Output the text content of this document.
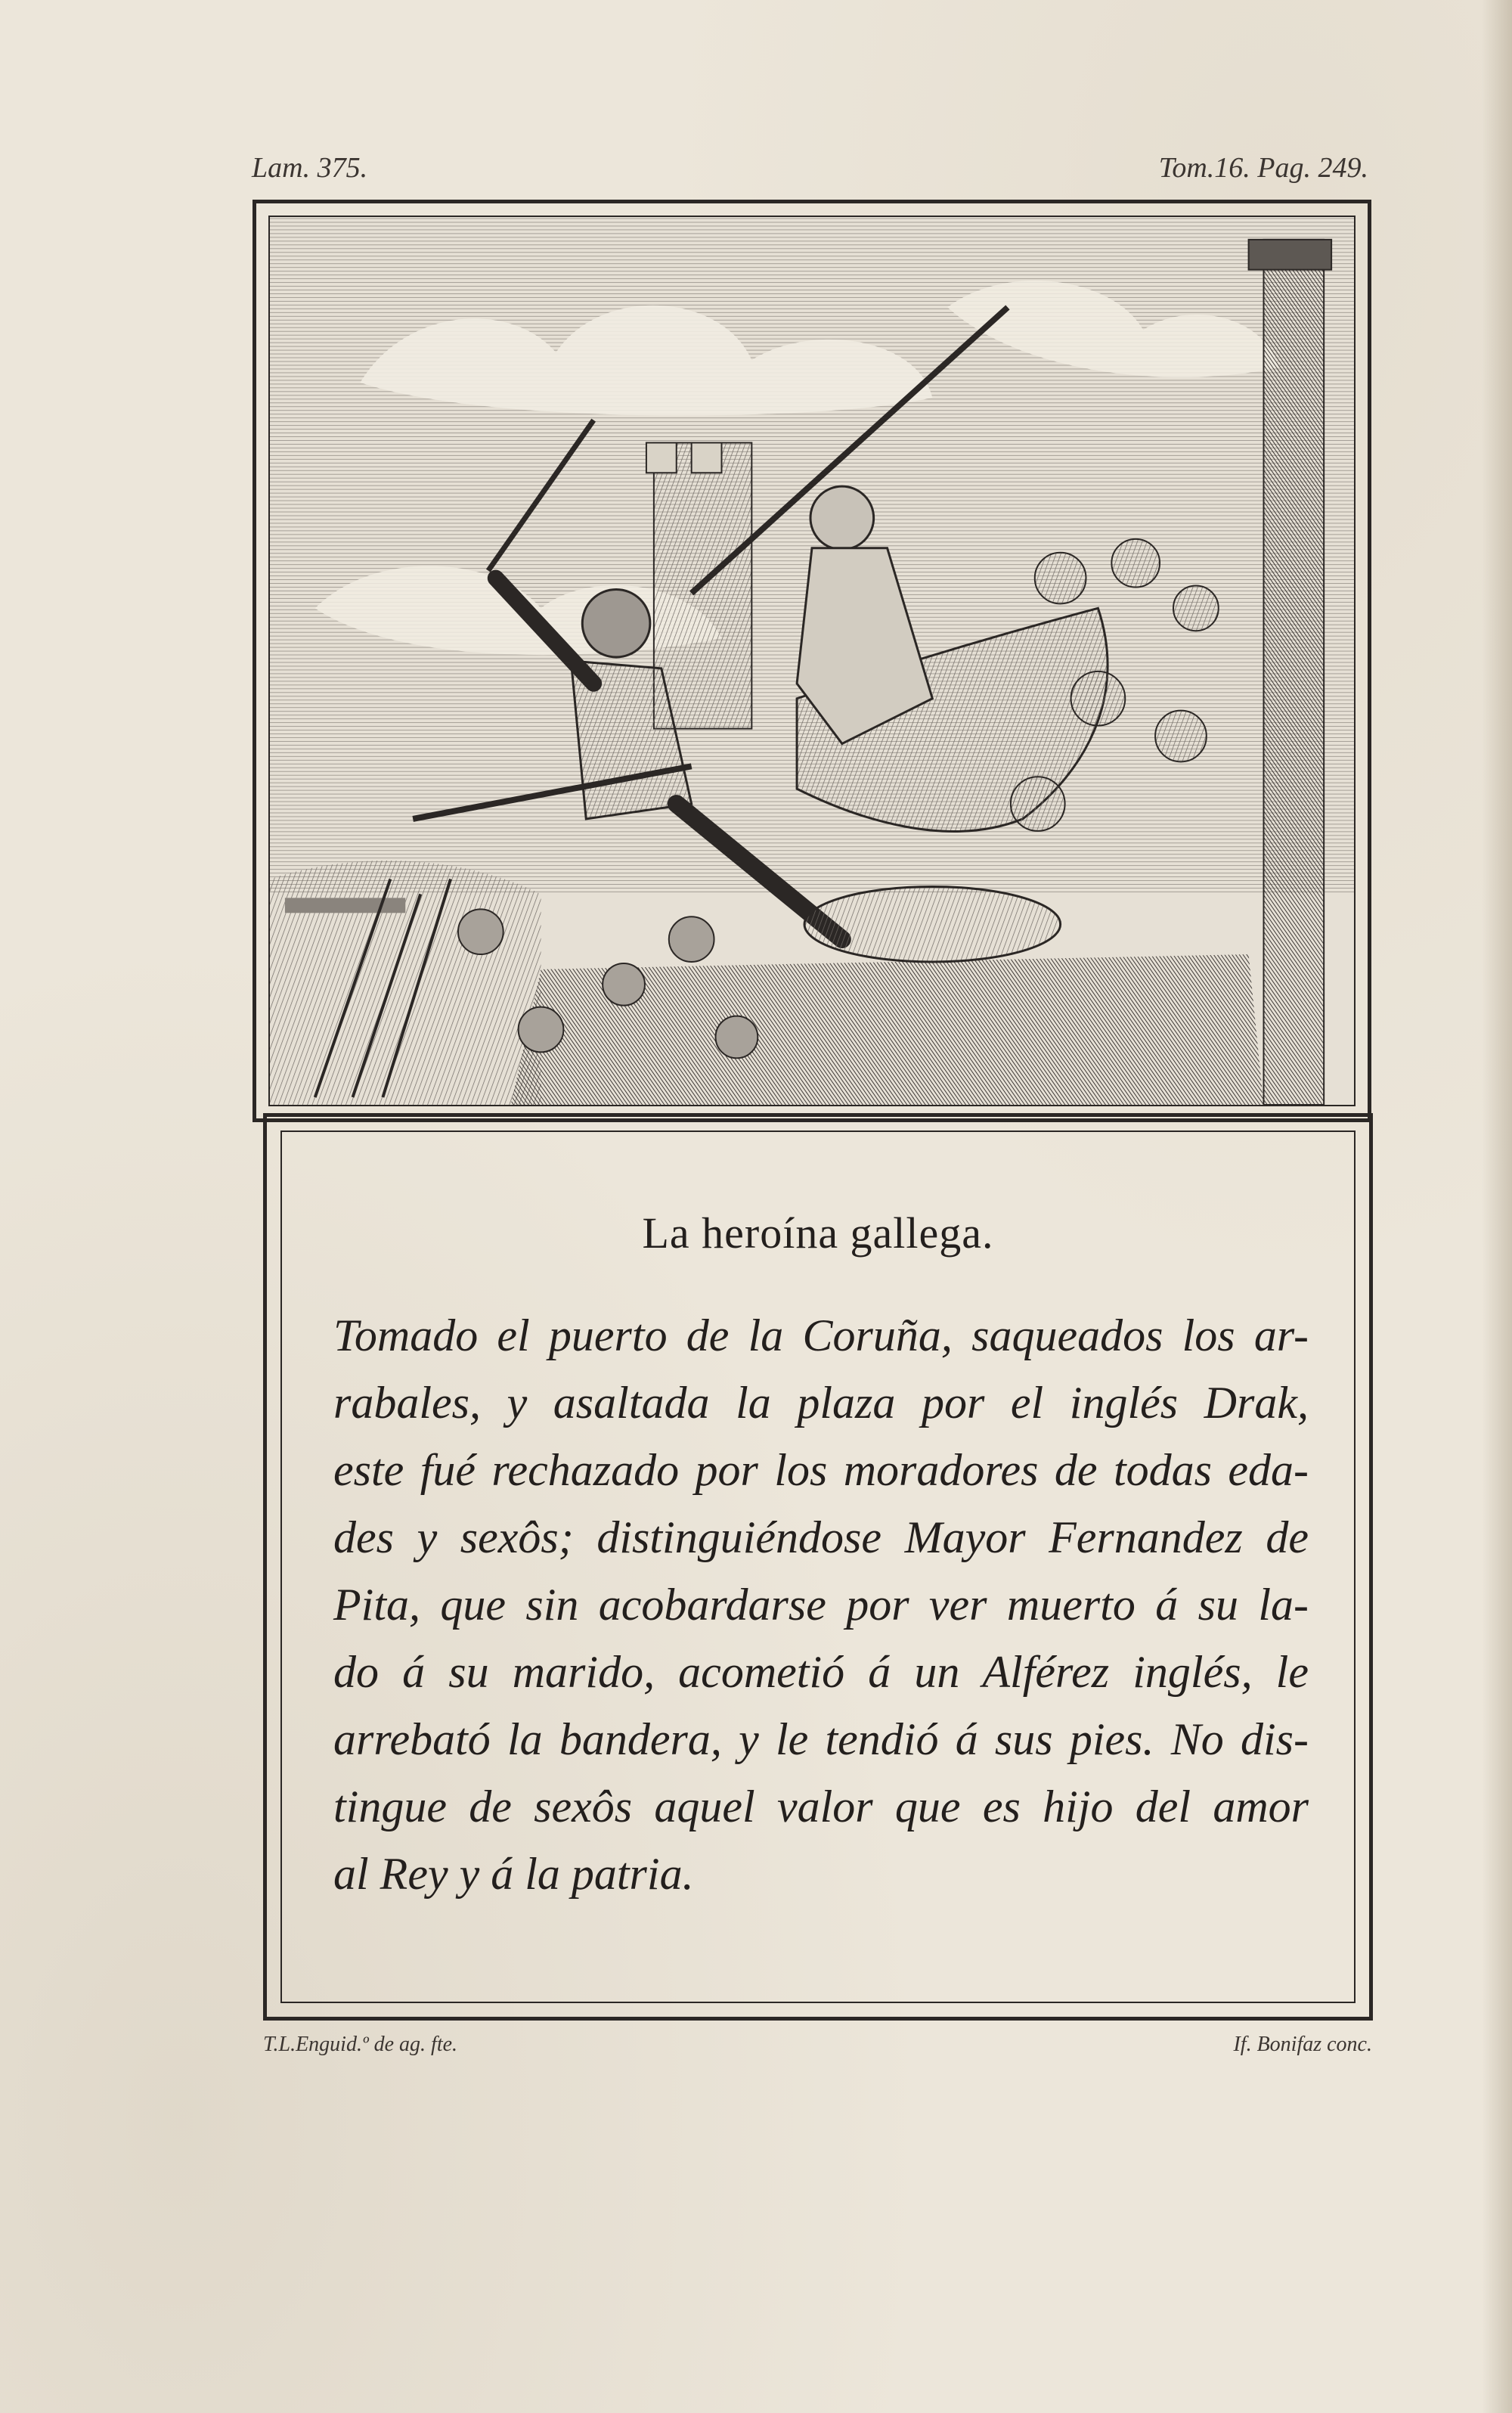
Lam. 375.	Tom.16. Pag. 249.
La heroína gallega.
Tomado el puerto de la Coruña, saqueados los ar-
rabales, y asaltada la plaza por el inglés Drak,
este fué rechazado por los moradores de todas eda-
des y sexôs; distinguiéndose Mayor Fernandez de
Pita, que sin acobardarse por ver muerto á su la-
do á su marido, acometió á un Alférez inglés, le
arrebató la bandera, y le tendió á sus pies. No dis-
tingue de sexôs aquel valor que es hijo del amor
al Rey y á la patria.
T.L.Enguid.º de ag. fte.	If. Bonifaz conc.
